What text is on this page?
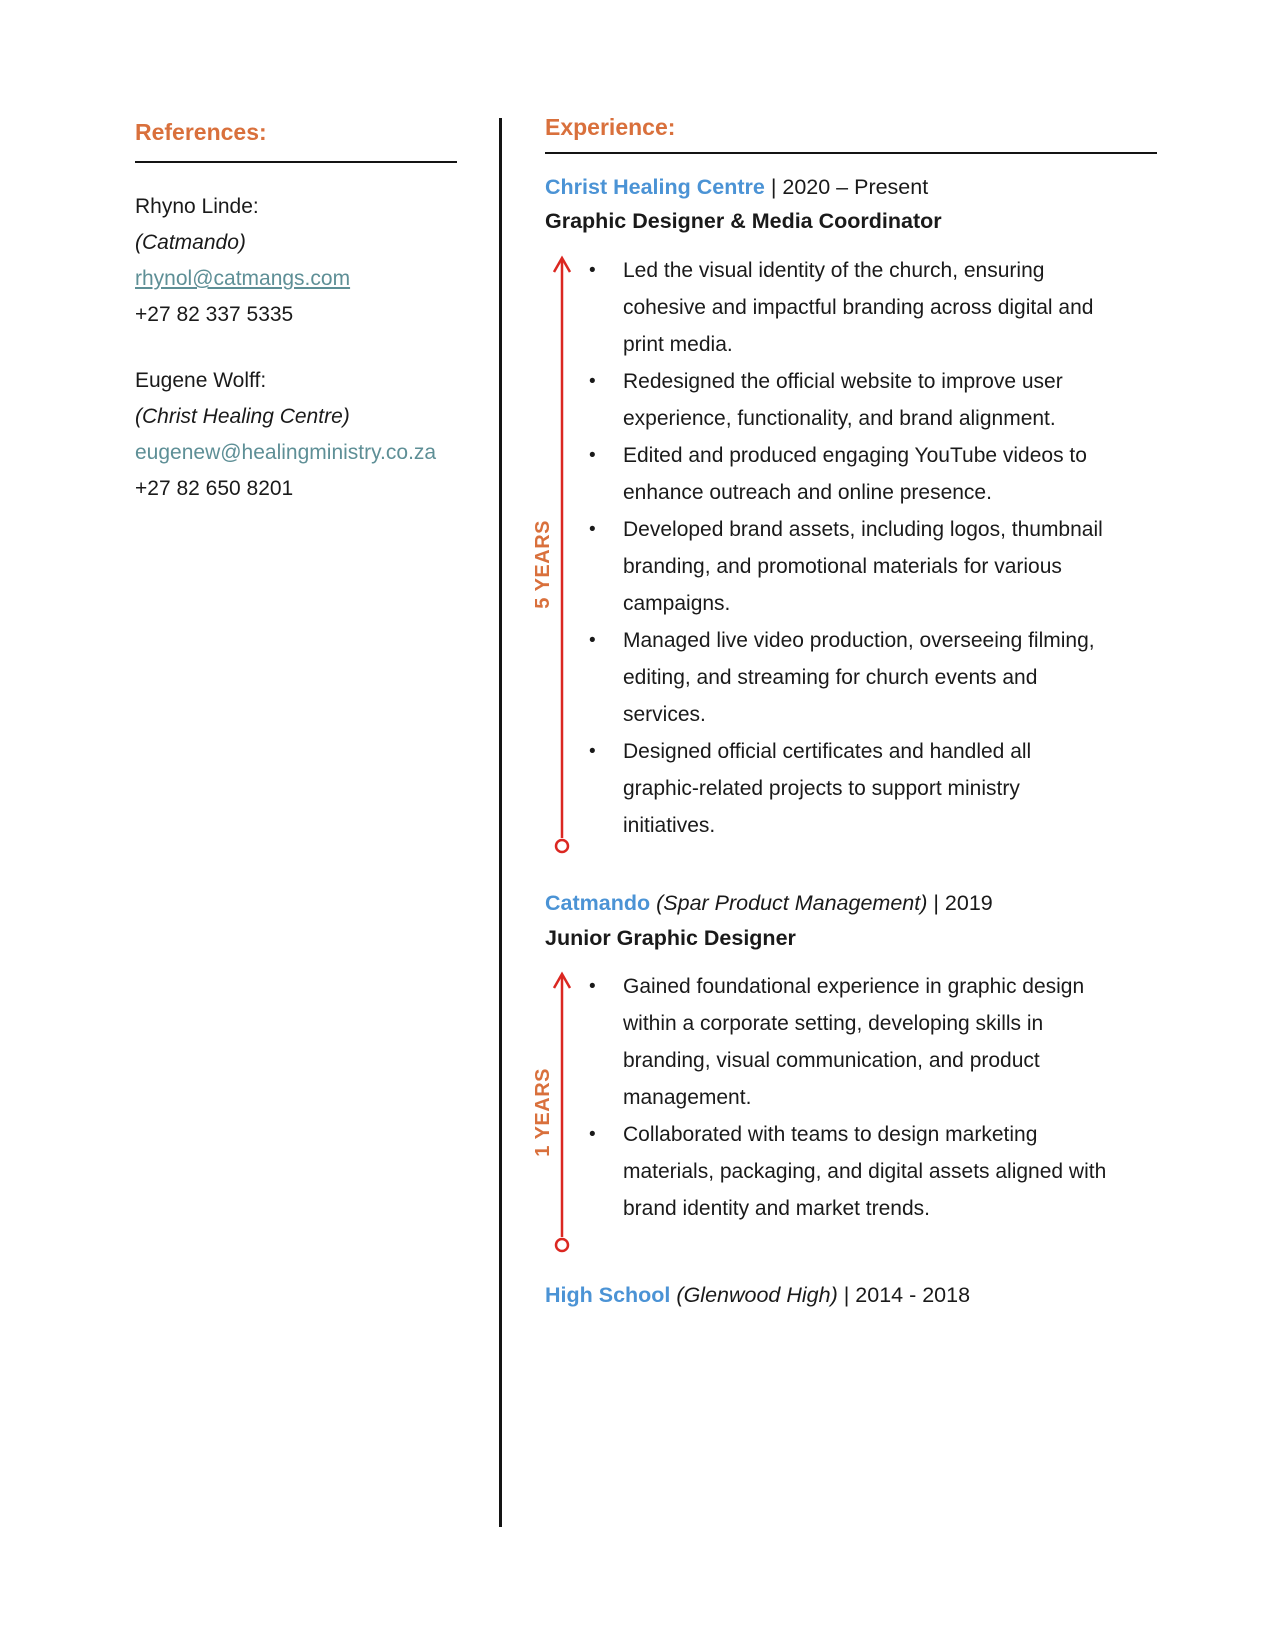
References:

Rhyno Linde:

(Catmando)

rhynol@catmangs.com

+27 82 337 5335

Eugene Wolff:

(Christ Healing Centre)

eugenew@healingministry.co.za

+27 82 650 8201

Experience:

Christ Healing Centre | 2020 – Present

Graphic Designer & Media Coordinator

5 YEARS
• Led the visual identity of the church, ensuring cohesive and impactful branding across digital and print media.
• Redesigned the official website to improve user experience, functionality, and brand alignment.
• Edited and produced engaging YouTube videos to enhance outreach and online presence.
• Developed brand assets, including logos, thumbnail branding, and promotional materials for various campaigns.
• Managed live video production, overseeing filming, editing, and streaming for church events and services.
• Designed official certificates and handled all graphic-related projects to support ministry initiatives.

Catmando (Spar Product Management) | 2019

Junior Graphic Designer

1 YEARS
• Gained foundational experience in graphic design within a corporate setting, developing skills in branding, visual communication, and product management.
• Collaborated with teams to design marketing materials, packaging, and digital assets aligned with brand identity and market trends.

High School (Glenwood High) | 2014 - 2018
